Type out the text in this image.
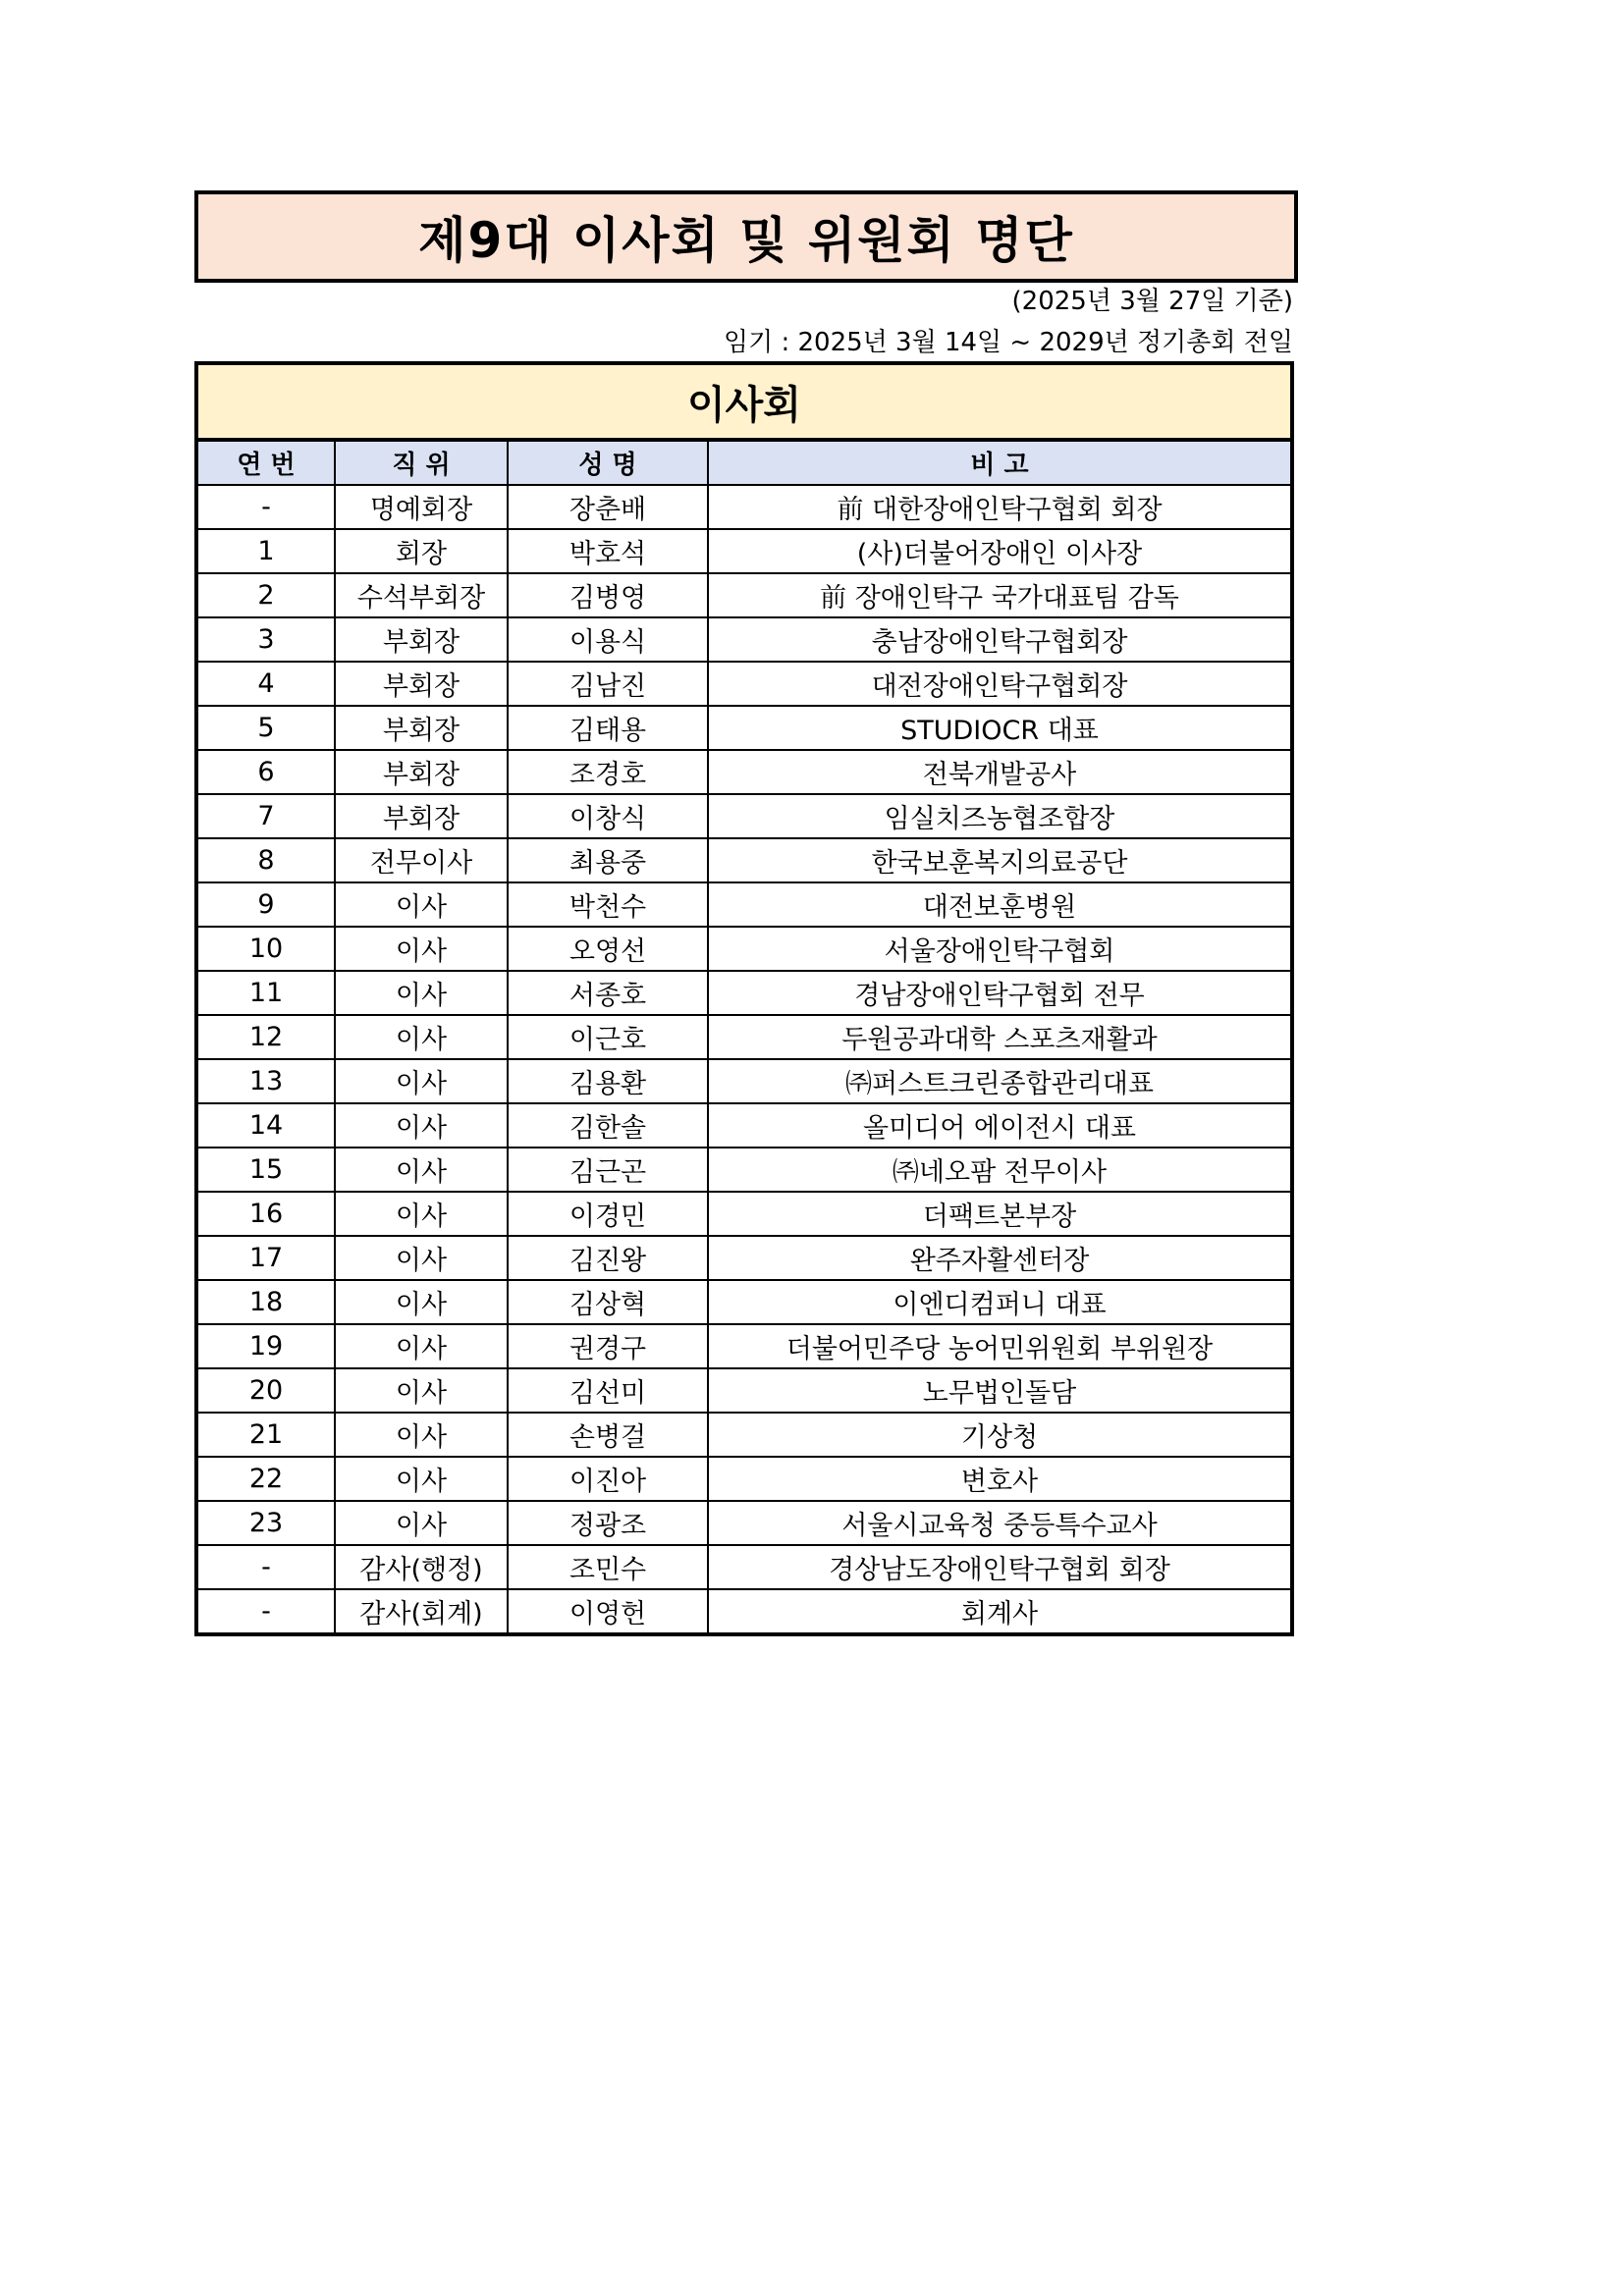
제9대 이사회 및 위원회 명단
(2025년 3월 27일 기준)
임기 : 2025년 3월 14일 ~ 2029년 정기총회 전일
이사회
연 번	직 위	성 명	비 고
-	명예회장	장춘배	前 대한장애인탁구협회 회장
1	회장	박호석	(사)더불어장애인 이사장
2	수석부회장	김병영	前 장애인탁구 국가대표팀 감독
3	부회장	이용식	충남장애인탁구협회장
4	부회장	김남진	대전장애인탁구협회장
5	부회장	김태용	STUDIOCR 대표
6	부회장	조경호	전북개발공사
7	부회장	이창식	임실치즈농협조합장
8	전무이사	최용중	한국보훈복지의료공단
9	이사	박천수	대전보훈병원
10	이사	오영선	서울장애인탁구협회
11	이사	서종호	경남장애인탁구협회 전무
12	이사	이근호	두원공과대학 스포츠재활과
13	이사	김용환	㈜퍼스트크린종합관리대표
14	이사	김한솔	올미디어 에이전시 대표
15	이사	김근곤	㈜네오팜 전무이사
16	이사	이경민	더팩트본부장
17	이사	김진왕	완주자활센터장
18	이사	김상혁	이엔디컴퍼니 대표
19	이사	권경구	더불어민주당 농어민위원회 부위원장
20	이사	김선미	노무법인돌담
21	이사	손병걸	기상청
22	이사	이진아	변호사
23	이사	정광조	서울시교육청 중등특수교사
-	감사(행정)	조민수	경상남도장애인탁구협회 회장
-	감사(회계)	이영헌	회계사
